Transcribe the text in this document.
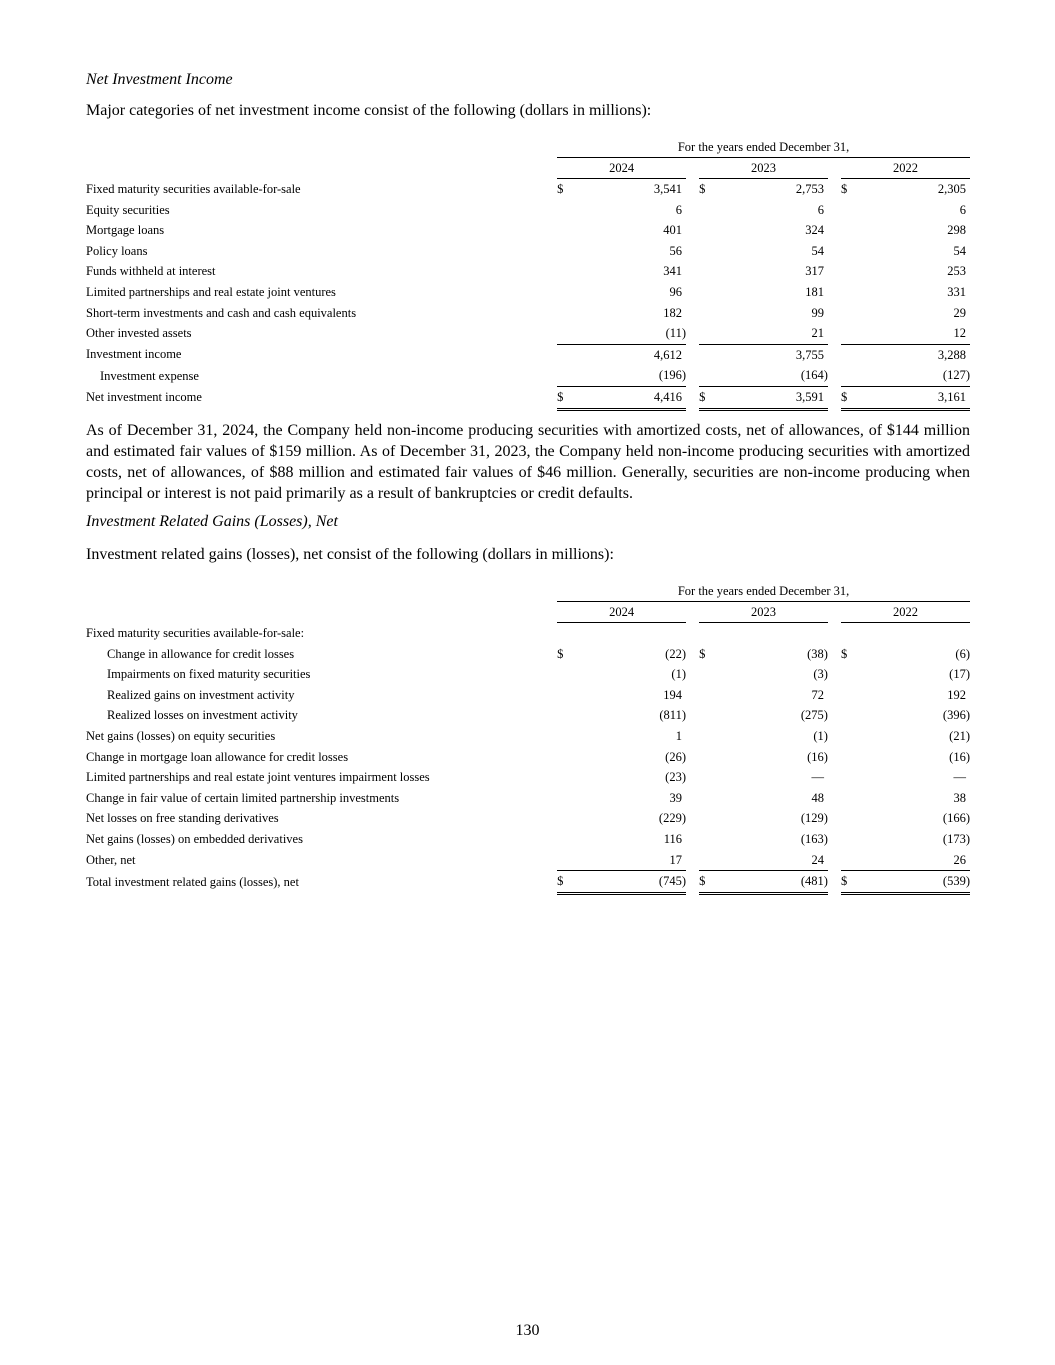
Net Investment Income
Major categories of net investment income consist of the following (dollars in millions):
	For the years ended December 31,							
	2024			2023			2022	
Fixed maturity securities available-for-sale	$	3,541		$	2,753		$	2,305
Equity securities		6			6			6
Mortgage loans		401			324			298
Policy loans		56			54			54
Funds withheld at interest		341			317			253
Limited partnerships and real estate joint ventures		96			181			331
Short-term investments and cash and cash equivalents		182			99			29
Other invested assets		(11)			21			12
Investment income		4,612			3,755			3,288
Investment expense		(196)			(164)			(127)
Net investment income	$	4,416		$	3,591		$	3,161
As of December 31, 2024, the Company held non-income producing securities with amortized costs, net of allowances, of $144 million and estimated fair values of $159 million. As of December 31, 2023, the Company held non-income producing securities with amortized costs, net of allowances, of $88 million and estimated fair values of $46 million. Generally, securities are non-income producing when principal or interest is not paid primarily as a result of bankruptcies or credit defaults.
Investment Related Gains (Losses), Net
Investment related gains (losses), net consist of the following (dollars in millions):
	For the years ended December 31,							
	2024			2023			2022	
Fixed maturity securities available-for-sale:								
Change in allowance for credit losses	$	(22)		$	(38)		$	(6)
Impairments on fixed maturity securities		(1)			(3)			(17)
Realized gains on investment activity		194			72			192
Realized losses on investment activity		(811)			(275)			(396)
Net gains (losses) on equity securities		1			(1)			(21)
Change in mortgage loan allowance for credit losses		(26)			(16)			(16)
Limited partnerships and real estate joint ventures impairment losses		(23)			—			—
Change in fair value of certain limited partnership investments		39			48			38
Net losses on free standing derivatives		(229)			(129)			(166)
Net gains (losses) on embedded derivatives		116			(163)			(173)
Other, net		17			24			26
Total investment related gains (losses), net	$	(745)		$	(481)		$	(539)
130
